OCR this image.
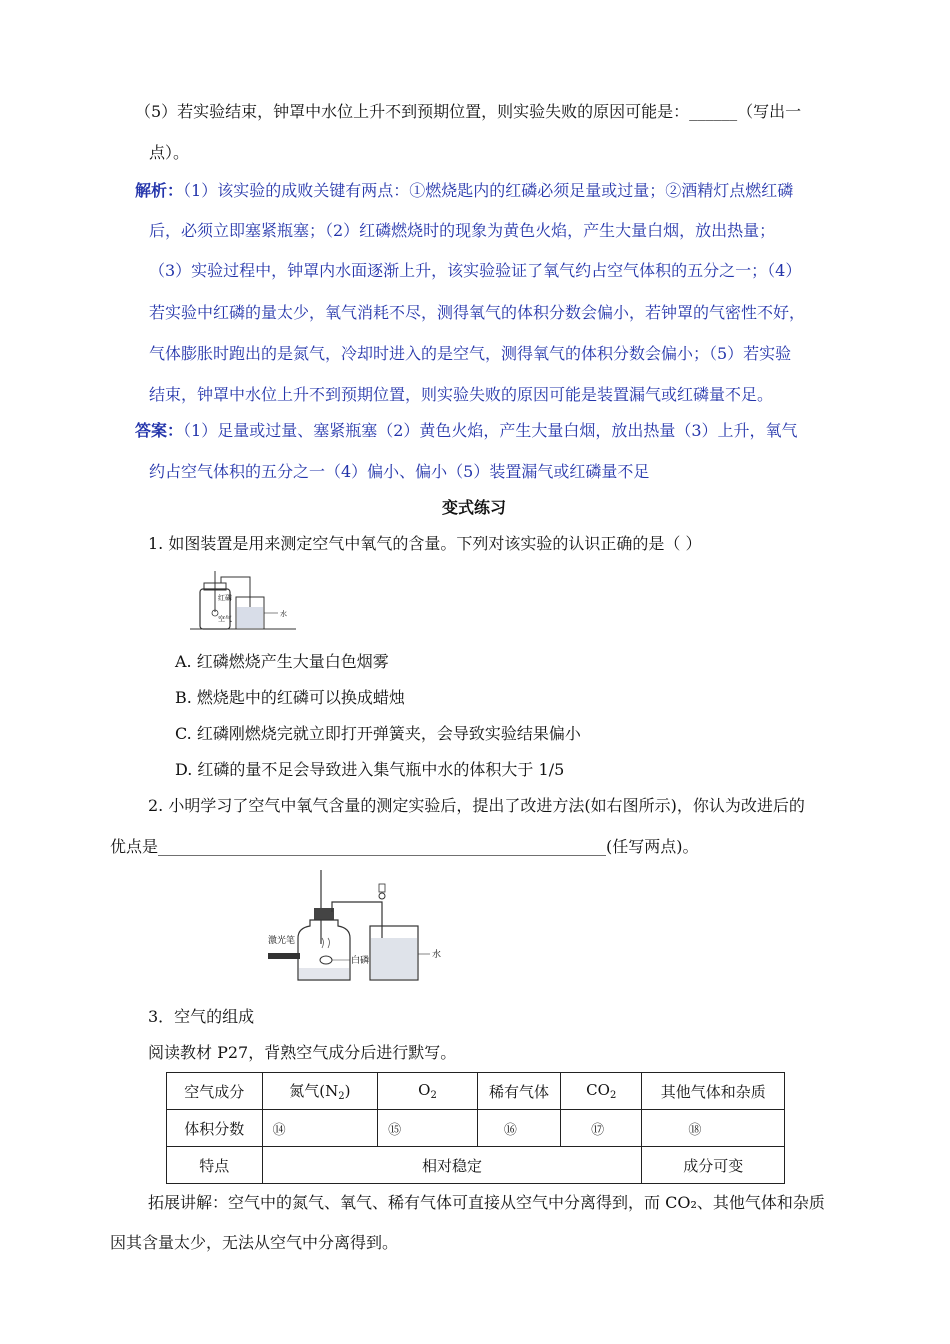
（5）若实验结束，钟罩中水位上升不到预期位置，则实验失败的原因可能是：______（写出一
点）。
解析：（1）该实验的成败关键有两点：①燃烧匙内的红磷必须足量或过量；②酒精灯点燃红磷
后，必须立即塞紧瓶塞；（2）红磷燃烧时的现象为黄色火焰，产生大量白烟，放出热量；
（3）实验过程中，钟罩内水面逐渐上升，该实验验证了氧气约占空气体积的五分之一；（4）
若实验中红磷的量太少，氧气消耗不尽，测得氧气的体积分数会偏小，若钟罩的气密性不好，
气体膨胀时跑出的是氮气，冷却时进入的是空气，测得氧气的体积分数会偏小；（5）若实验
结束，钟罩中水位上升不到预期位置，则实验失败的原因可能是装置漏气或红磷量不足。
答案：（1）足量或过量、塞紧瓶塞（2）黄色火焰，产生大量白烟，放出热量（3）上升，氧气
约占空气体积的五分之一（4）偏小、偏小（5）装置漏气或红磷量不足
变式练习
1. 如图装置是用来测定空气中氧气的含量。下列对该实验的认识正确的是（ ）
红磷
空气
水
A. 红磷燃烧产生大量白色烟雾
B. 燃烧匙中的红磷可以换成蜡烛
C. 红磷刚燃烧完就立即打开弹簧夹，会导致实验结果偏小
D. 红磷的量不足会导致进入集气瓶中水的体积大于 1/5
2. 小明学习了空气中氧气含量的测定实验后，提出了改进方法(如右图所示)，你认为改进后的
优点是________________________________________________________(任写两点)。
激光笔
白磷
水
3．空气的组成
阅读教材 P27，背熟空气成分后进行默写。
空气成分	氮气$(N_2)$	$O_2$	稀有气体	$CO_2$	其他气体和杂质
体积分数	⑭	⑮	⑯	⑰	⑱
特点	相对稳定				成分可变
拓展讲解：空气中的氮气、氧气、稀有气体可直接从空气中分离得到，而 CO₂、其他气体和杂质
因其含量太少，无法从空气中分离得到。
